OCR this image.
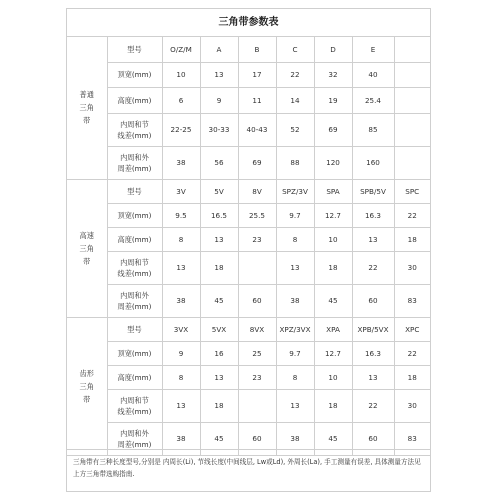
三角带参数表
普通
三角
带	型号	O/Z/M	A	B	C	D	E	
	顶宽(mm)	10	13	17	22	32	40	
	高度(mm)	6	9	11	14	19	25.4	
	内周和节
线差(mm)	22-25	30-33	40-43	52	69	85	
	内周和外
周差(mm)	38	56	69	88	120	160	
高速
三角
带	型号	3V	5V	8V	SPZ/3V	SPA	SPB/5V	SPC
	顶宽(mm)	9.5	16.5	25.5	9.7	12.7	16.3	22
	高度(mm)	8	13	23	8	10	13	18
	内周和节
线差(mm)	13	18		13	18	22	30
	内周和外
周差(mm)	38	45	60	38	45	60	83
齿形
三角
带	型号	3VX	5VX	8VX	XPZ/3VX	XPA	XPB/5VX	XPC
	顶宽(mm)	9	16	25	9.7	12.7	16.3	22
	高度(mm)	8	13	23	8	10	13	18
	内周和节
线差(mm)	13	18		13	18	22	30
	内周和外
周差(mm)	38	45	60	38	45	60	83
三角带有三种长度型号,分别是 内周长(Li), 节线长度(中间线层, Lw或Ld), 外周长(La), 手工测量有误差, 具体测量方法见上方三角带选购指南.
